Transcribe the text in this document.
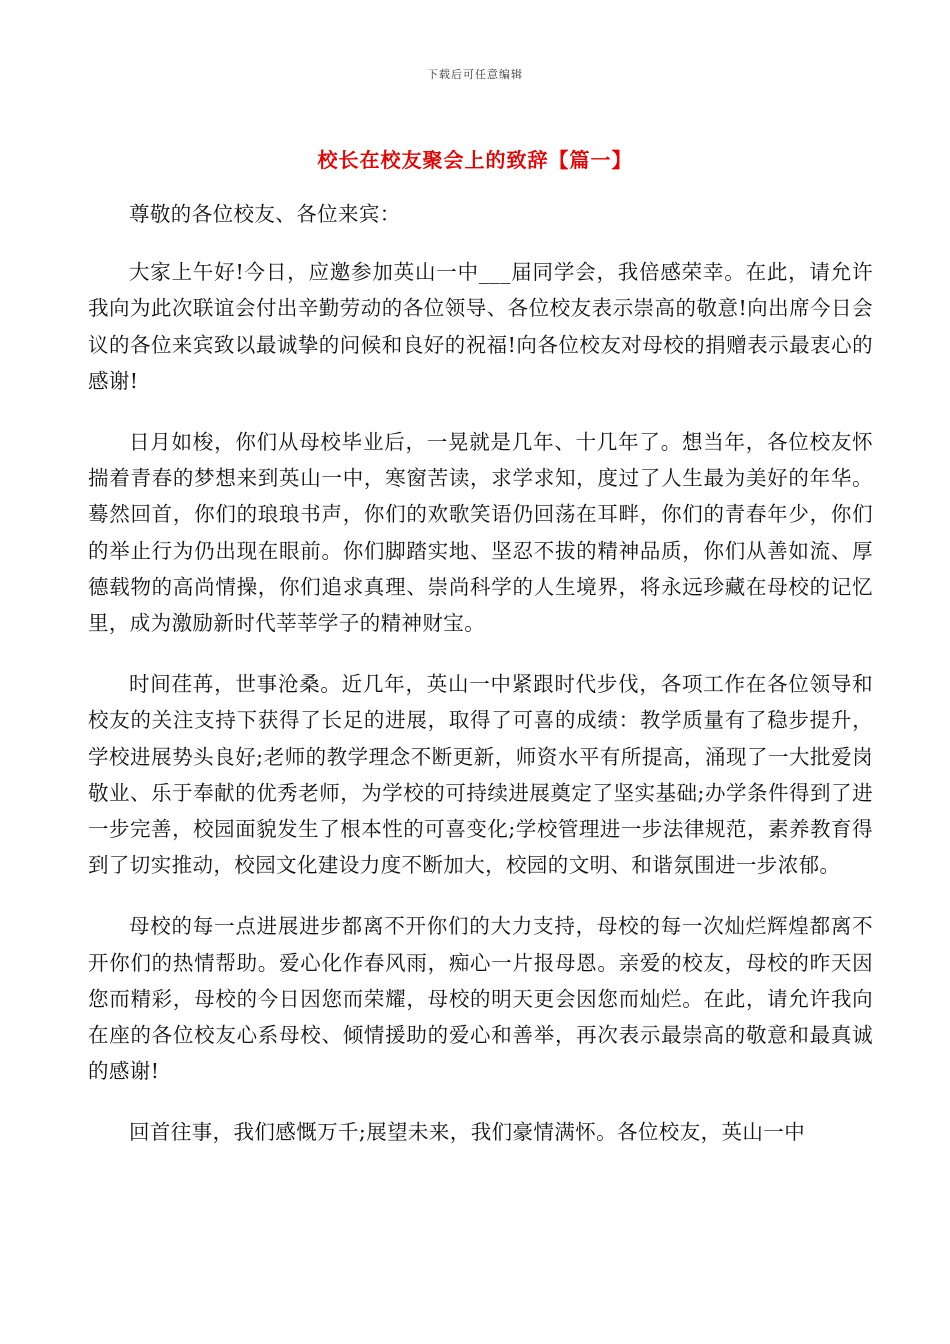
下载后可任意编辑
校长在校友聚会上的致辞【篇一】

尊敬的各位校友、各位来宾：

大家上午好!今日，应邀参加英山一中___届同学会，我倍感荣幸。在此，请允许我向为此次联谊会付出辛勤劳动的各位领导、各位校友表示崇高的敬意!向出席今日会议的各位来宾致以最诚挚的问候和良好的祝福!向各位校友对母校的捐赠表示最衷心的感谢!

日月如梭，你们从母校毕业后，一晃就是几年、十几年了。想当年，各位校友怀揣着青春的梦想来到英山一中，寒窗苦读，求学求知，度过了人生最为美好的年华。蓦然回首，你们的琅琅书声，你们的欢歌笑语仍回荡在耳畔，你们的青春年少，你们的举止行为仍出现在眼前。你们脚踏实地、坚忍不拔的精神品质，你们从善如流、厚德载物的高尚情操，你们追求真理、崇尚科学的人生境界，将永远珍藏在母校的记忆里，成为激励新时代莘莘学子的精神财宝。

时间荏苒，世事沧桑。近几年，英山一中紧跟时代步伐，各项工作在各位领导和校友的关注支持下获得了长足的进展，取得了可喜的成绩：教学质量有了稳步提升，学校进展势头良好;老师的教学理念不断更新，师资水平有所提高，涌现了一大批爱岗敬业、乐于奉献的优秀老师，为学校的可持续进展奠定了坚实基础;办学条件得到了进一步完善，校园面貌发生了根本性的可喜变化;学校管理进一步法律规范，素养教育得到了切实推动，校园文化建设力度不断加大，校园的文明、和谐氛围进一步浓郁。

母校的每一点进展进步都离不开你们的大力支持，母校的每一次灿烂辉煌都离不开你们的热情帮助。爱心化作春风雨，痴心一片报母恩。亲爱的校友，母校的昨天因您而精彩，母校的今日因您而荣耀，母校的明天更会因您而灿烂。在此，请允许我向在座的各位校友心系母校、倾情援助的爱心和善举，再次表示最崇高的敬意和最真诚的感谢!

回首往事，我们感慨万千;展望未来，我们豪情满怀。各位校友，英山一中
